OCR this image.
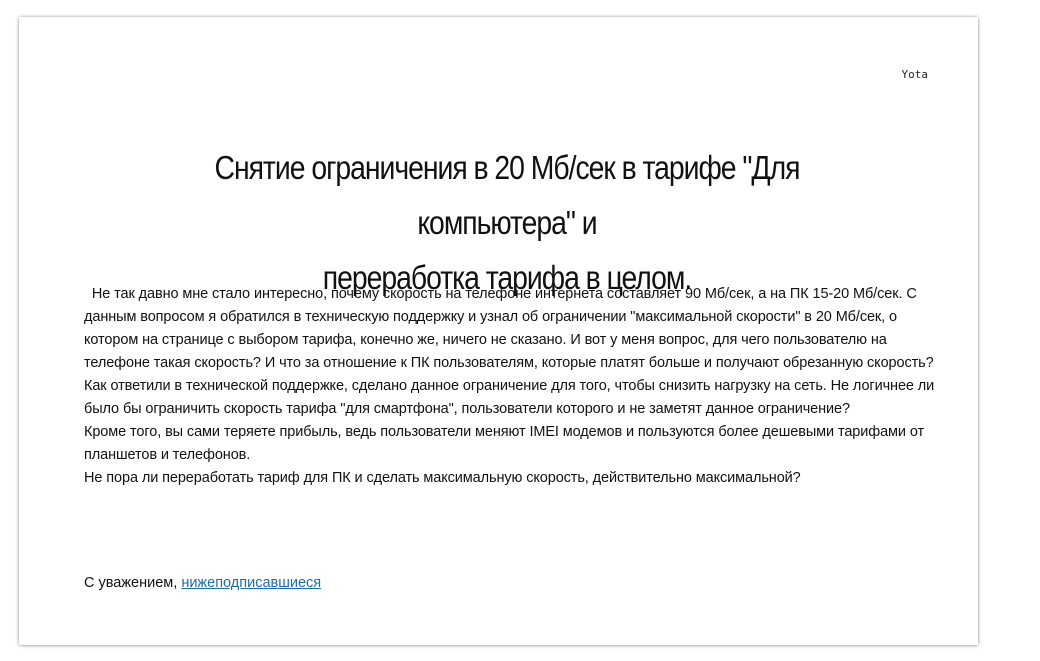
Yota
Снятие ограничения в 20 Мб/сек в тарифе "Для компьютера" и
переработка тарифа в целом.

Не так давно мне стало интересно, почему скорость на телефоне интернета составляет 90 Мб/сек, а на ПК 15-20 Мб/сек. С данным вопросом я обратился в техническую поддержку и узнал об ограничении "максимальной скорости" в 20 Мб/сек, о котором на странице с выбором тарифа, конечно же, ничего не сказано. И вот у меня вопрос, для чего пользователю на телефоне такая скорость? И что за отношение к ПК пользователям, которые платят больше и получают обрезанную скорость?

Как ответили в технической поддержке, сделано данное ограничение для того, чтобы снизить нагрузку на сеть. Не логичнее ли было бы ограничить скорость тарифа "для смартфона", пользователи которого и не заметят данное ограничение?

Кроме того, вы сами теряете прибыль, ведь пользователи меняют IMEI модемов и пользуются более дешевыми тарифами от планшетов и телефонов.

Не пора ли переработать тариф для ПК и сделать максимальную скорость, действительно максимальной?

С уважением, нижеподписавшиеся
